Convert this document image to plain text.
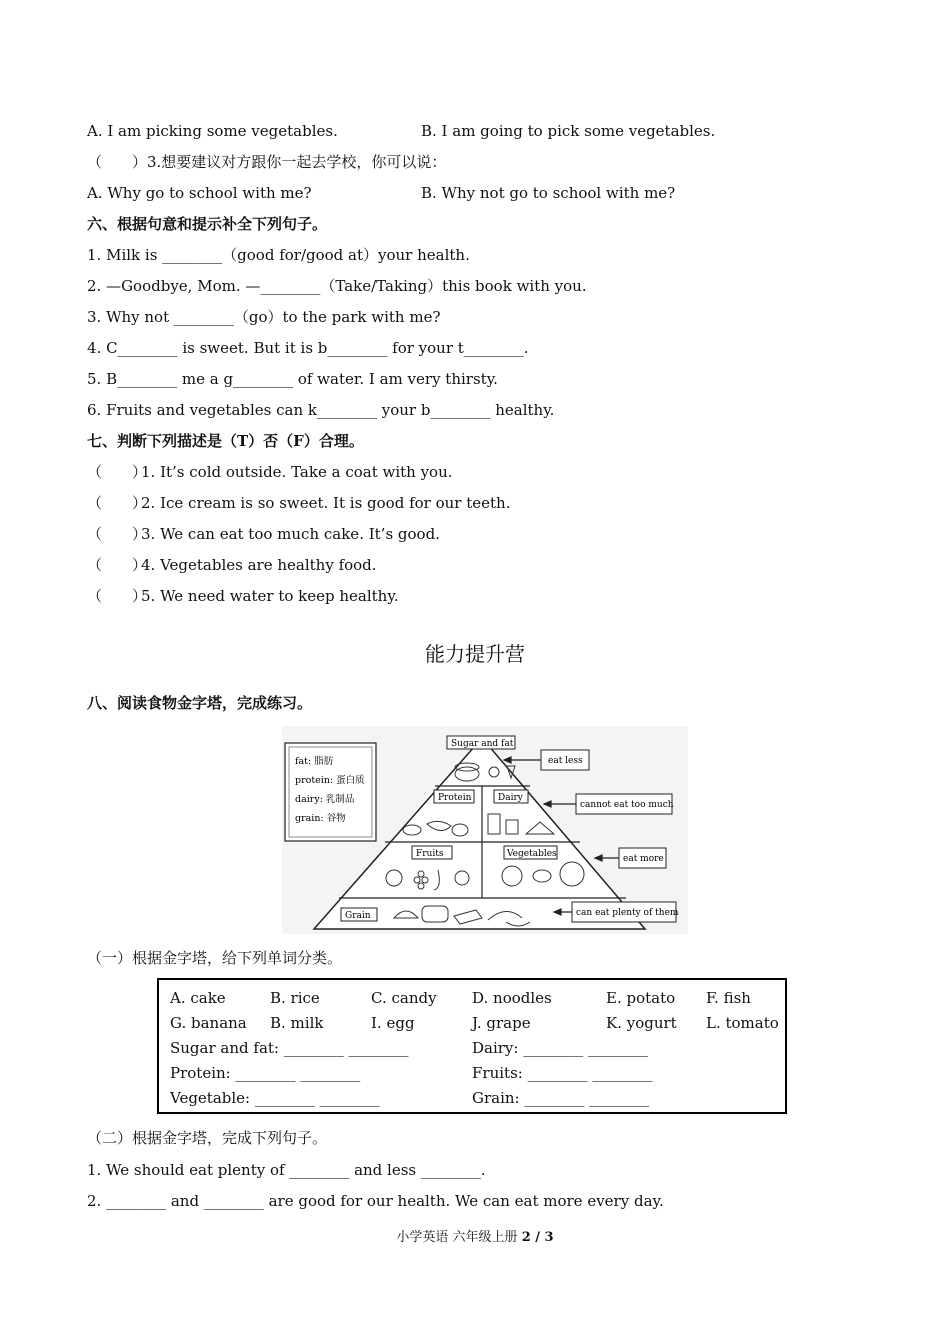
A. I am picking some vegetables.	B. I am going to pick some vegetables.
（　　）3.想要建议对方跟你一起去学校，你可以说：
A. Why go to school with me?	B. Why not go to school with me?
六、根据句意和提示补全下列句子。
1. Milk is ________（good for/good at）your health.
2. —Goodbye, Mom. —________（Take/Taking）this book with you.
3. Why not ________（go）to the park with me?
4. C________ is sweet. But it is b________ for your t________.
5. B________ me a g________ of water. I am very thirsty.
6. Fruits and vegetables can k________ your b________ healthy.
七、判断下列描述是（T）否（F）合理。
（　　）1. It’s cold outside. Take a coat with you.
（　　）2. Ice cream is so sweet. It is good for our teeth.
（　　）3. We can eat too much cake. It’s good.
（　　）4. Vegetables are healthy food.
（　　）5. We need water to keep healthy.
能力提升营
八、阅读食物金字塔，完成练习。
fat: 脂肪
protein: 蛋白质
dairy: 乳制品
grain: 谷物
Sugar and fat
Protein	Dairy
Fruits	Vegetables
Grain
eat less
cannot eat too much
eat more
can eat plenty of them
（一）根据金字塔，给下列单词分类。
A. cake	B. rice	C. candy D. noodles	E. potato F. fish
G. banana B. milk	I. egg	J. grape	K. yogurt L. tomato
Sugar and fat: ________ ________	Dairy: ________ ________
Protein: ________ ________	Fruits: ________ ________
Vegetable: ________ ________	Grain: ________ ________
（二）根据金字塔，完成下列句子。
1. We should eat plenty of ________ and less ________.
2. ________ and ________ are good for our health. We can eat more every day.
小学英语 六年级上册 2 / 3
